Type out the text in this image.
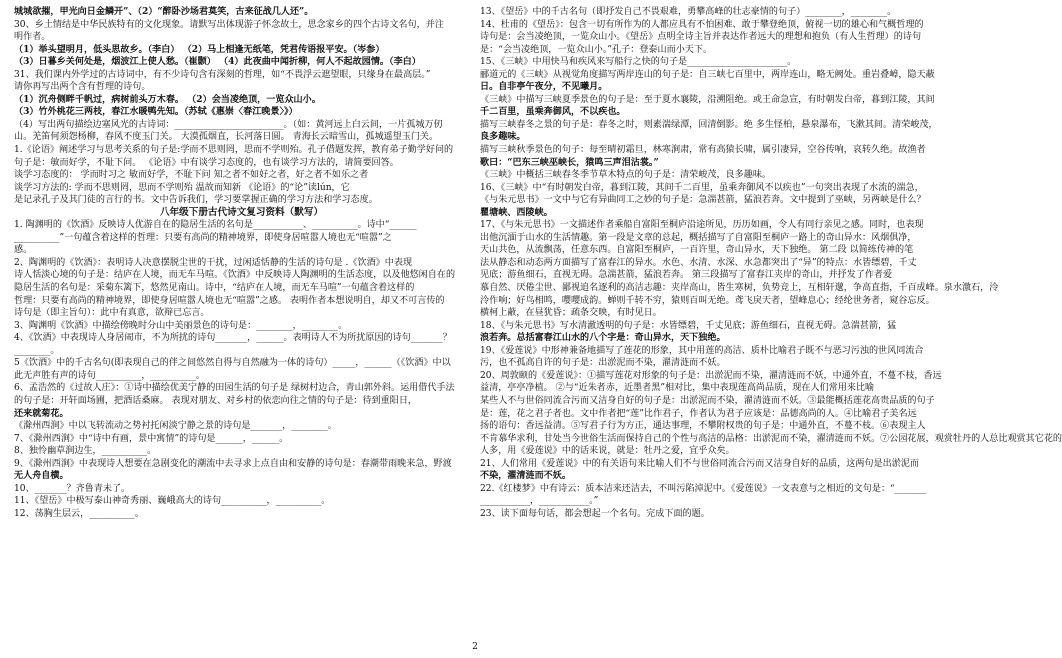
城城欲摧，甲光向日金鳞开”、（2）“醉卧沙场君莫笑，古来征战几人还”。
30、乡土情结是中华民族特有的文化现象。请默写出体现游子怀念故土，思念家乡的四个古诗文名句，并注
明作者。
（1）举头望明月，低头思故乡。（李白） （2）马上相逢无纸笔，凭君传语报平安。（岑参）
（3）日暮乡关何处是，烟波江上使人愁。（崔颢） （4）此夜曲中闻折柳，何人不起故园情。（李白）
31、我们课内外学过的古诗词中，有不少诗句含有深刻的哲理，如“不畏浮云遮望眼，只缘身在最高层。”
请你再写出两个含有哲理的诗句。
（1）沉舟侧畔千帆过，病树前头万木春。 （2）会当凌绝顶，一览众山小。
（3）竹外桃花三两枝，春江水暖鸭先知。（苏轼《惠崇〈春江晚景〉》）
（4）写出两句描绘边塞风光的古诗词：________________________。（如：黄河远上白云间，一片孤城万仞
山。羌笛何须怨杨柳，春风不度玉门关。 大漠孤烟直，长河落日圆。 青海长云暗雪山，孤城遥望玉门关。
1.《论语》阐述学习与思考关系的句子是:学而不思则罔，思而不学则殆。孔子借题发挥，教育弟子勤学好问的
句子是：敏而好学，不耻下问。 《论语》中有谈学习态度的，也有谈学习方法的，请简要回答。
谈学习态度的： 学而时习之 敏而好学，不耻下问 知之者不如好之者，好之者不如乐之者
谈学习方法的: 学而不思则罔，思而不学则殆 温故而知新 《论语》的“论”读lún，它
是记录孔子及其门徒的言行的书。文中告诉我们，学习要掌握正确的学习方法和学习态度。
八年级下册古代诗文复习资料（默写）
1. 陶渊明的《饮酒》反映诗人优游自在的隐居生活的名句是___________、__________。诗中“______
__________”一句蕴含着这样的哲理：只要有高尚的精神境界，即使身居喧嚣人境也无“喧嚣”之
感。
2、陶渊明的《饮酒》：表明诗人决意摆脱尘世的干扰，过闲适恬静的生活的诗句是 .《饮酒》中表现
诗人恬淡心境的句子是：结庐在人境，而无车马喧。《饮酒》中反映诗人陶渊明的生活态度，以及他悠闲自在的
隐居生活的名句是：采菊东篱下，悠然见南山。诗中，“结庐在人境，而无车马喧”一句蕴含着这样的
哲理：只要有高尚的精神境界，即使身居喧嚣人境也无“喧嚣”之感。 表明作者本想说明自，却又不可言传的
诗句是（即主旨句）：此中有真意，欲辩已忘言。
3、陶渊明《饮酒》中描绘傍晚时分山中美丽景色的诗句是：________，________。
4、《饮酒》中表现诗人身居闹市，不为所扰的诗句_______，______。表明诗人不为所扰原因的诗句_______？
________。
5《饮酒》中的千古名句(即表现自己的伴之间悠然自得与自然融为一体的诗句）_____，______（《饮酒》中以
此无声胜有声的诗句__________，__________。
6、孟浩然的《过故人庄》：①诗中描绘优美宁静的田园生活的句子是 绿树村边合，青山郭外斜。运用借代手法
的句子是：开轩面场圃，把酒话桑麻。 表现对朋友、对乡村的依恋向往之情的句子是：待到重阳日，
还来就菊花。
《滁州西涧》中以飞转流动之势衬托闲淡宁静之景的诗句是_______，________。
7、《滁州西涧》中“诗中有画，景中寓情”的诗句是______，______。
8、独怜幽草涧边生，__________。
9、《滁州西涧》中表现诗人想要在急剧变化的潮流中去寻求上点自由和安静的诗句是：春潮带雨晚来急，野渡
无人舟自横。
10、_______？齐鲁青未了。
11、《望岳》中极写泰山神奇秀丽、巍峨高大的诗句__________，__________。
12、荡胸生层云，__________。
13、《望岳》中的千古名句（即抒发自己不畏艰难，勇攀高峰的壮志豪情的句子）________，________。
14、杜甫的《望岳》：包含一切有所作为的人都应具有不怕困难、敢于攀登绝顶，俯视一切的雄心和气概哲理的
诗句是：会当凌绝顶，一览众山小。《望岳》点明全诗主旨并表达作者远大的理想和抱负（有人生哲理）的诗句
是：“会当凌绝顶，一览众山小。”孔子：登泰山而小天下。
15、《三峡》中用快马和疾风来写船行之快的句子是______________________。
郦道元的《三峡》从视觉角度描写两岸连山的句子是：自三峡七百里中，两岸连山，略无阙处。重岩叠嶂，隐天蔽
日。自非亭午夜分，不见曦月。
《三峡》中描写三峡夏季景色的句子是：至于夏水襄陵，沿溯阻绝。或王命急宣，有时朝发白帝，暮到江陵，其间
千二百里，虽乘奔御风，不以疾也。
描写三峡春冬之景的句子是：春冬之时，则素湍绿潭，回清倒影。绝 多生怪柏，悬泉瀑布，飞漱其间。清荣峻茂，
良多趣味。
描写三峡秋季景色的句子：每至晴初霜旦，林寒涧肃，常有高猿长啸，属引凄异，空谷传响，哀转久绝。故渔者
歌曰：“巴东三峡巫峡长，猿鸣三声泪沾裳。”
《三峡》中概括三峡春冬季节草木特点的句子是：清荣峻茂，良多趣味。
16、《三峡》中“有时朝发白帝，暮到江陵，其间千二百里，虽乘奔御风不以疾也”一句突出表现了水流的湍急，
《与朱元思书》一文中与它有异曲同工之妙的句子是：急湍甚箭，猛浪若奔。文中提到了巫峡，另两峡是什么？
瞿塘峡、西陵峡。
17、《与朱元思书》一文描述作者乘船自富阳至桐庐沿途所见，历历如画，令人有同行亲见之感。同时，也表现
出他沉湎于山水的生活情趣。第一段是文章的总起，概括描写了自富阳至桐庐一路上的奇山异水：风烟俱净，
天山共色，从流飘荡，任意东西。自富阳至桐庐，一百许里，奇山异水，天下独绝。 第二段 以简练传神的笔
法从静态和动态两方面描写了富春江的异水。水色、水清、水深、水急都突出了“异”的特点：水皆缥碧，千丈
见底；游鱼细石，直视无碍。急湍甚箭，猛浪若奔。 第三段描写了富春江夹岸的奇山，并抒发了作者爱
慕自然、厌倦尘世、鄙视追名逐利的高洁志趣：夹岸高山，皆生寒树，负势竞上，互相轩邈，争高直指，千百成峰。泉水激石，泠
泠作响；好鸟相鸣，嘤嘤成韵。蝉则千转不穷，猿则百叫无绝。鸢飞戾天者，望峰息心；经纶世务者，窥谷忘反。
横柯上蔽，在昼犹昏；疏条交映，有时见日。
18、《与朱元思书》写水清澈透明的句子是：水皆缥碧，千丈见底；游鱼细石，直视无碍。急湍甚箭，猛
浪若奔。总括富春江山水的八个字是：奇山异水，天下独绝。
19、《爱莲说》中形神兼备地描写了莲花的形象，其中用莲的高洁、质朴比喻君子既不与恶习污浊的世风同流合
污，也不孤高自许的句子是：出淤泥而不染，濯清涟而不妖。
20、周敦颐的《爱莲说》：①描写莲花对形象的句子是：出淤泥而不染，濯清涟而不妖，中通外直，不蔓不枝，香远
益清，亭亭净植。 ②与“近朱者赤，近墨者黑”相对比，集中表现莲高尚品质，现在人们常用来比喻
某些人不与世俗同流合污而又洁身自好的句子是：出淤泥而不染，濯清涟而不妖。③最能概括莲花高贵品质的句子
是：莲，花之君子者也。文中作者把“莲”比作君子，作者认为君子应该是：品德高尚的人。④比喻君子美名远
扬的语句：香远益清。⑤写君子行为方正，通达事理，不攀附权贵的句子是：中通外直，不蔓不枝。⑥表现主人
不肯慕华求利，甘处当今世俗生活而保持自己的个性与高洁的品格：出淤泥而不染，濯清涟而不妖。⑦公园花展，观赏牡丹的人总比观赏其它花的
人多，用《爱莲说》中的话来说，就是：牡丹之爱，宜乎众矣。
21、人们常用《爱莲说》中的有关语句来比喻人们不与世俗同流合污而又洁身自好的品质，这两句是出淤泥而
不染，濯清涟而不妖。
22.《红楼梦》中有诗云：质本洁来还洁去，不叫污陷淖泥中。《爱莲说》一文表意与之相近的文句是：“_______
___________，___________。”
23、读下面每句话，都会想起一个名句。完成下面的题。
2
